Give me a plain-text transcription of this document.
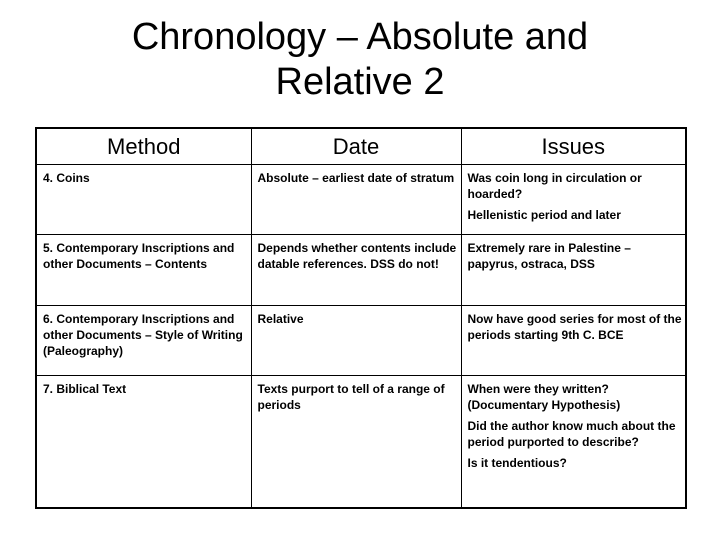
Chronology – Absolute and
Relative 2
Method	Date	Issues

4. Coins	Absolute – earliest date of stratum	Was coin long in circulation or hoarded?

Hellenistic period and later

5. Contemporary Inscriptions and other Documents – Contents	Depends whether contents include datable references. DSS do not!	Extremely rare in Palestine – papyrus, ostraca, DSS

6. Contemporary Inscriptions and other Documents – Style of Writing (Paleography)	Relative	Now have good series for most of the periods starting 9th C. BCE

7. Biblical Text	Texts purport to tell of a range of periods	When were they written? (Documentary Hypothesis)

Did the author know much about the period purported to describe?

Is it tendentious?
